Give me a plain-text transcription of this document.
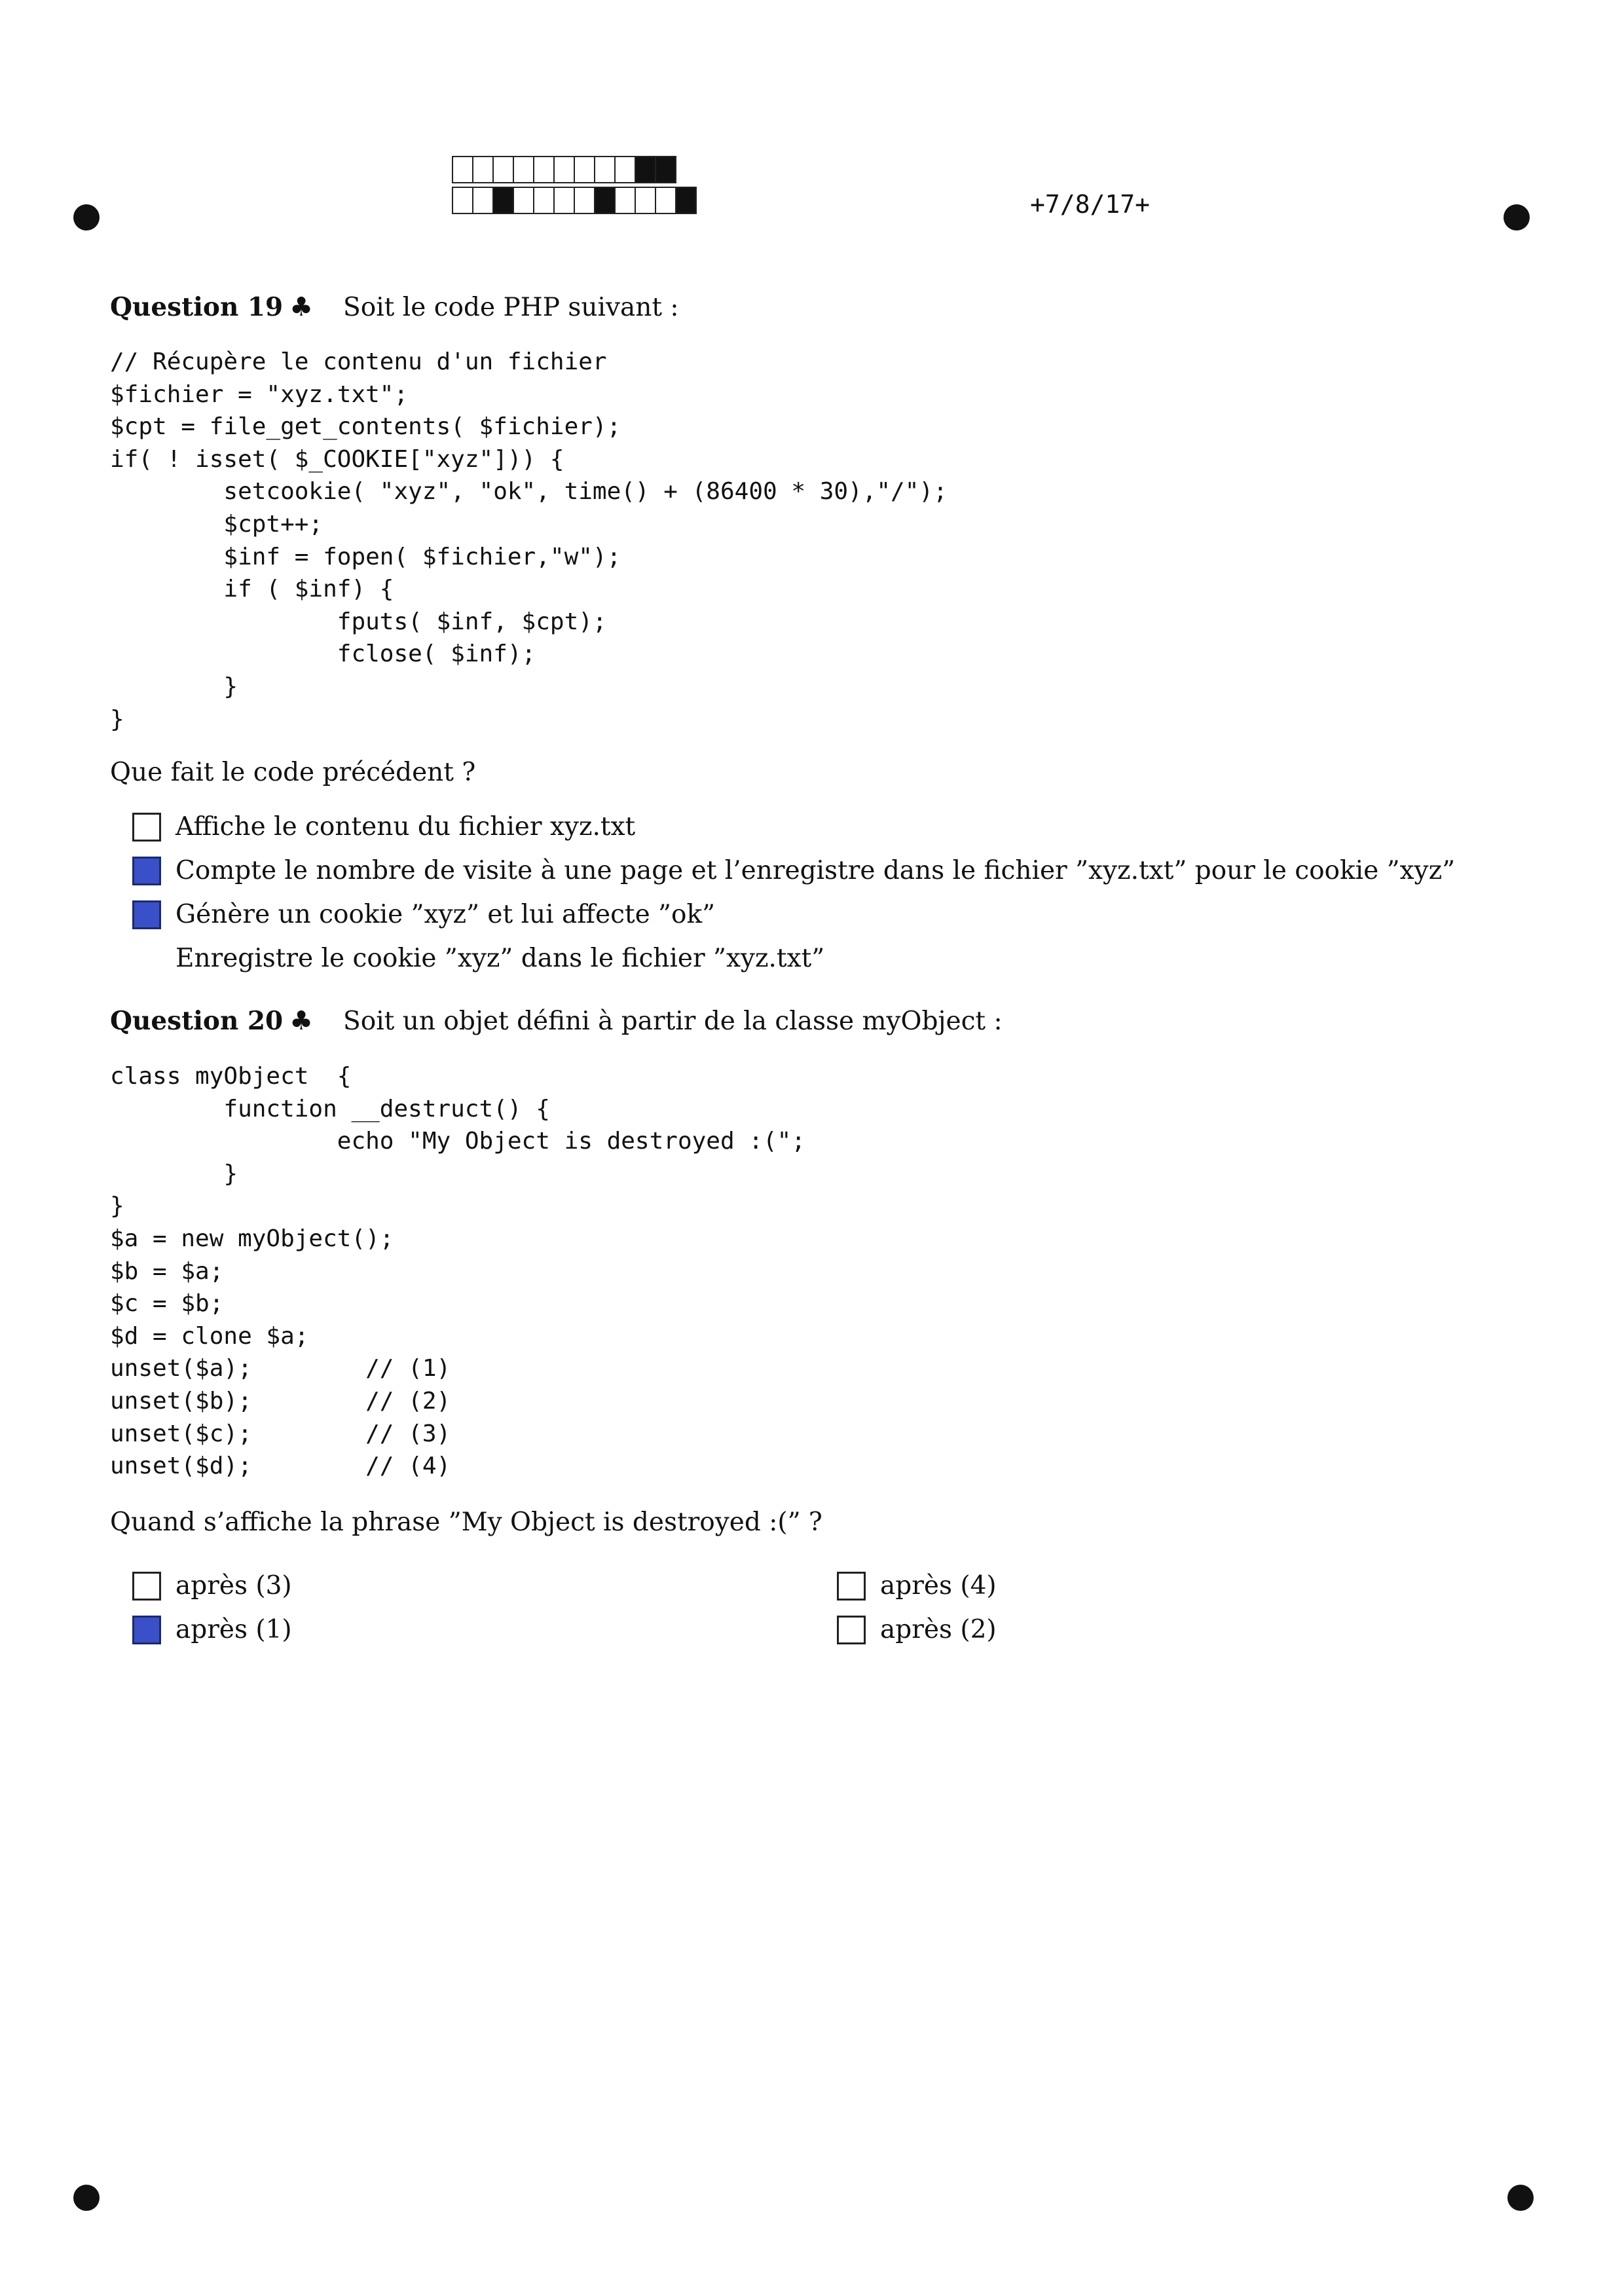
+7/8/17+
Question 19 ♣ Soit le code PHP suivant :
// Récupère le contenu d'un fichier
$fichier = "xyz.txt";
$cpt = file_get_contents( $fichier);
if( ! isset( $_COOKIE["xyz"])) {
setcookie( "xyz", "ok", time() + (86400 * 30),"/");
$cpt++;
$inf = fopen( $fichier,"w");
if ( $inf) {
fputs( $inf, $cpt);
fclose( $inf);
}
}
Que fait le code précédent ?
Affiche le contenu du fichier xyz.txt
Compte le nombre de visite à une page et l’enregistre dans le fichier ”xyz.txt” pour le cookie ”xyz”
Génère un cookie ”xyz” et lui affecte ”ok”
Enregistre le cookie ”xyz” dans le fichier ”xyz.txt”
Question 20 ♣ Soit un objet défini à partir de la classe myObject :
class myObject  {
function __destruct() {
echo "My Object is destroyed :(";
}
}
$a = new myObject();
$b = $a;
$c = $b;
$d = clone $a;
unset($a);        // (1)
unset($b);        // (2)
unset($c);        // (3)
unset($d);        // (4)
Quand s’affiche la phrase ”My Object is destroyed :(” ?
après (3)	après (4)
après (1)	après (2)
